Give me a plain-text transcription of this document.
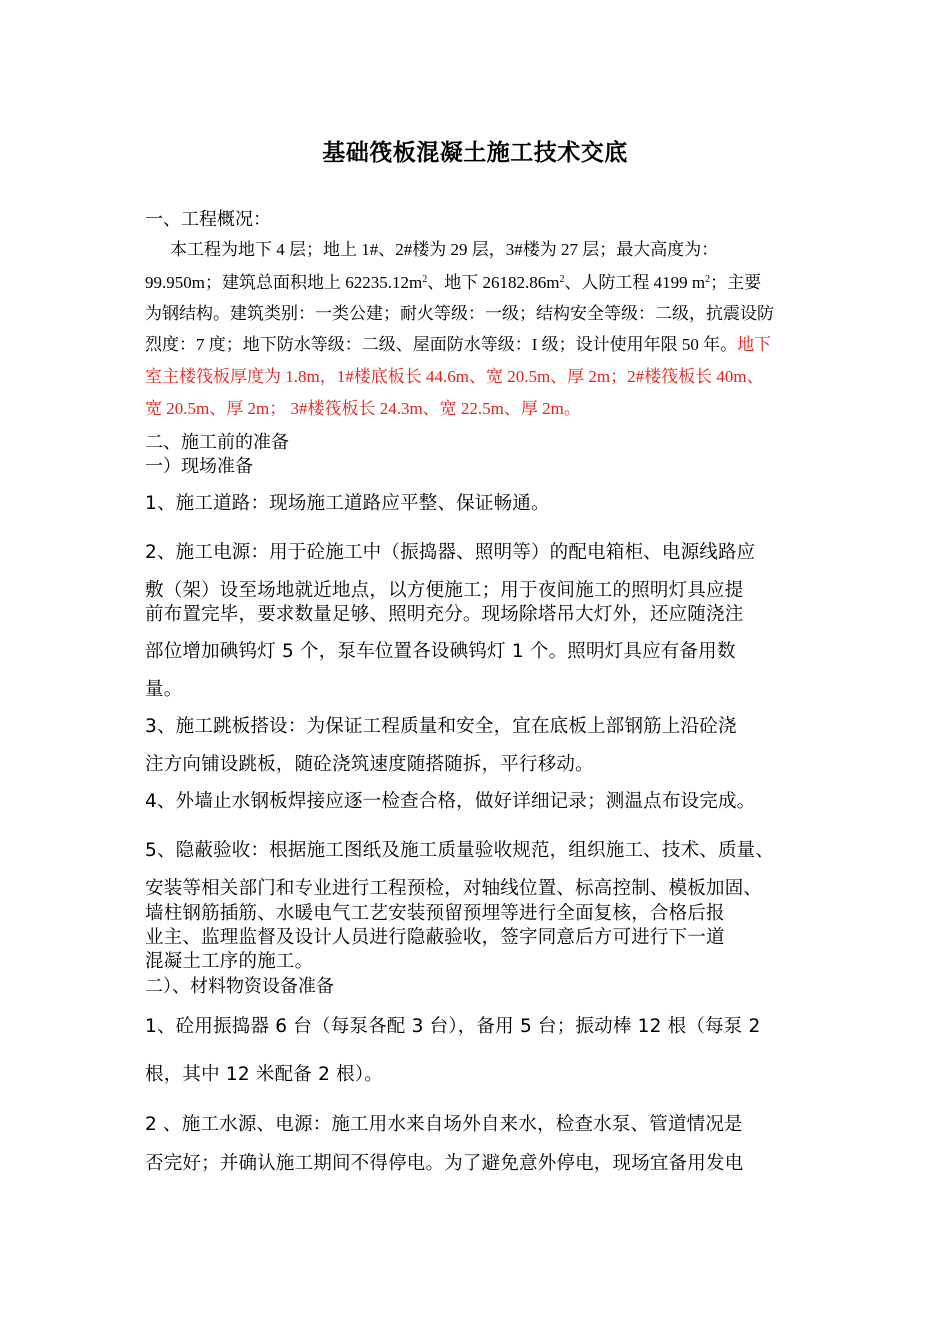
基础筏板混凝土施工技术交底
一、工程概况：
本工程为地下 4 层；地上 1#、2#楼为 29 层，3#楼为 27 层；最大高度为：
99.950m；建筑总面积地上 $62235.12m^2$、地下 $26182.86m^2$、人防工程 4199 $m^2$；主要
为钢结构。建筑类别：一类公建；耐火等级：一级；结构安全等级：二级，抗震设防
烈度：7 度；地下防水等级：二级、屋面防水等级：I 级；设计使用年限 50 年。地下
室主楼筏板厚度为 1.8m，1#楼底板长 44.6m、宽 20.5m、厚 2m；2#楼筏板长 40m、
宽 20.5m、厚 2m； 3#楼筏板长 24.3m、宽 22.5m、厚 2m。
二、施工前的准备
一）现场准备
1、施工道路：现场施工道路应平整、保证畅通。
2、施工电源：用于砼施工中（振捣器、照明等）的配电箱柜、电源线路应
敷（架）设至场地就近地点，以方便施工；用于夜间施工的照明灯具应提
前布置完毕，要求数量足够、照明充分。现场除塔吊大灯外，还应随浇注
部位增加碘钨灯 5 个，泵车位置各设碘钨灯 1 个。照明灯具应有备用数
量。
3、施工跳板搭设：为保证工程质量和安全，宜在底板上部钢筋上沿砼浇
注方向铺设跳板，随砼浇筑速度随搭随拆，平行移动。
4、外墙止水钢板焊接应逐一检查合格，做好详细记录；测温点布设完成。
5、隐蔽验收：根据施工图纸及施工质量验收规范，组织施工、技术、质量、
安装等相关部门和专业进行工程预检，对轴线位置、标高控制、模板加固、
墙柱钢筋插筋、水暖电气工艺安装预留预埋等进行全面复核，合格后报
业主、监理监督及设计人员进行隐蔽验收，签字同意后方可进行下一道
混凝土工序的施工。
二）、材料物资设备准备
1、砼用振捣器 6 台（每泵各配 3 台），备用 5 台；振动棒 12 根（每泵 2
根，其中 12 米配备 2 根）。
2 、施工水源、电源：施工用水来自场外自来水，检查水泵、管道情况是
否完好；并确认施工期间不得停电。为了避免意外停电，现场宜备用发电
